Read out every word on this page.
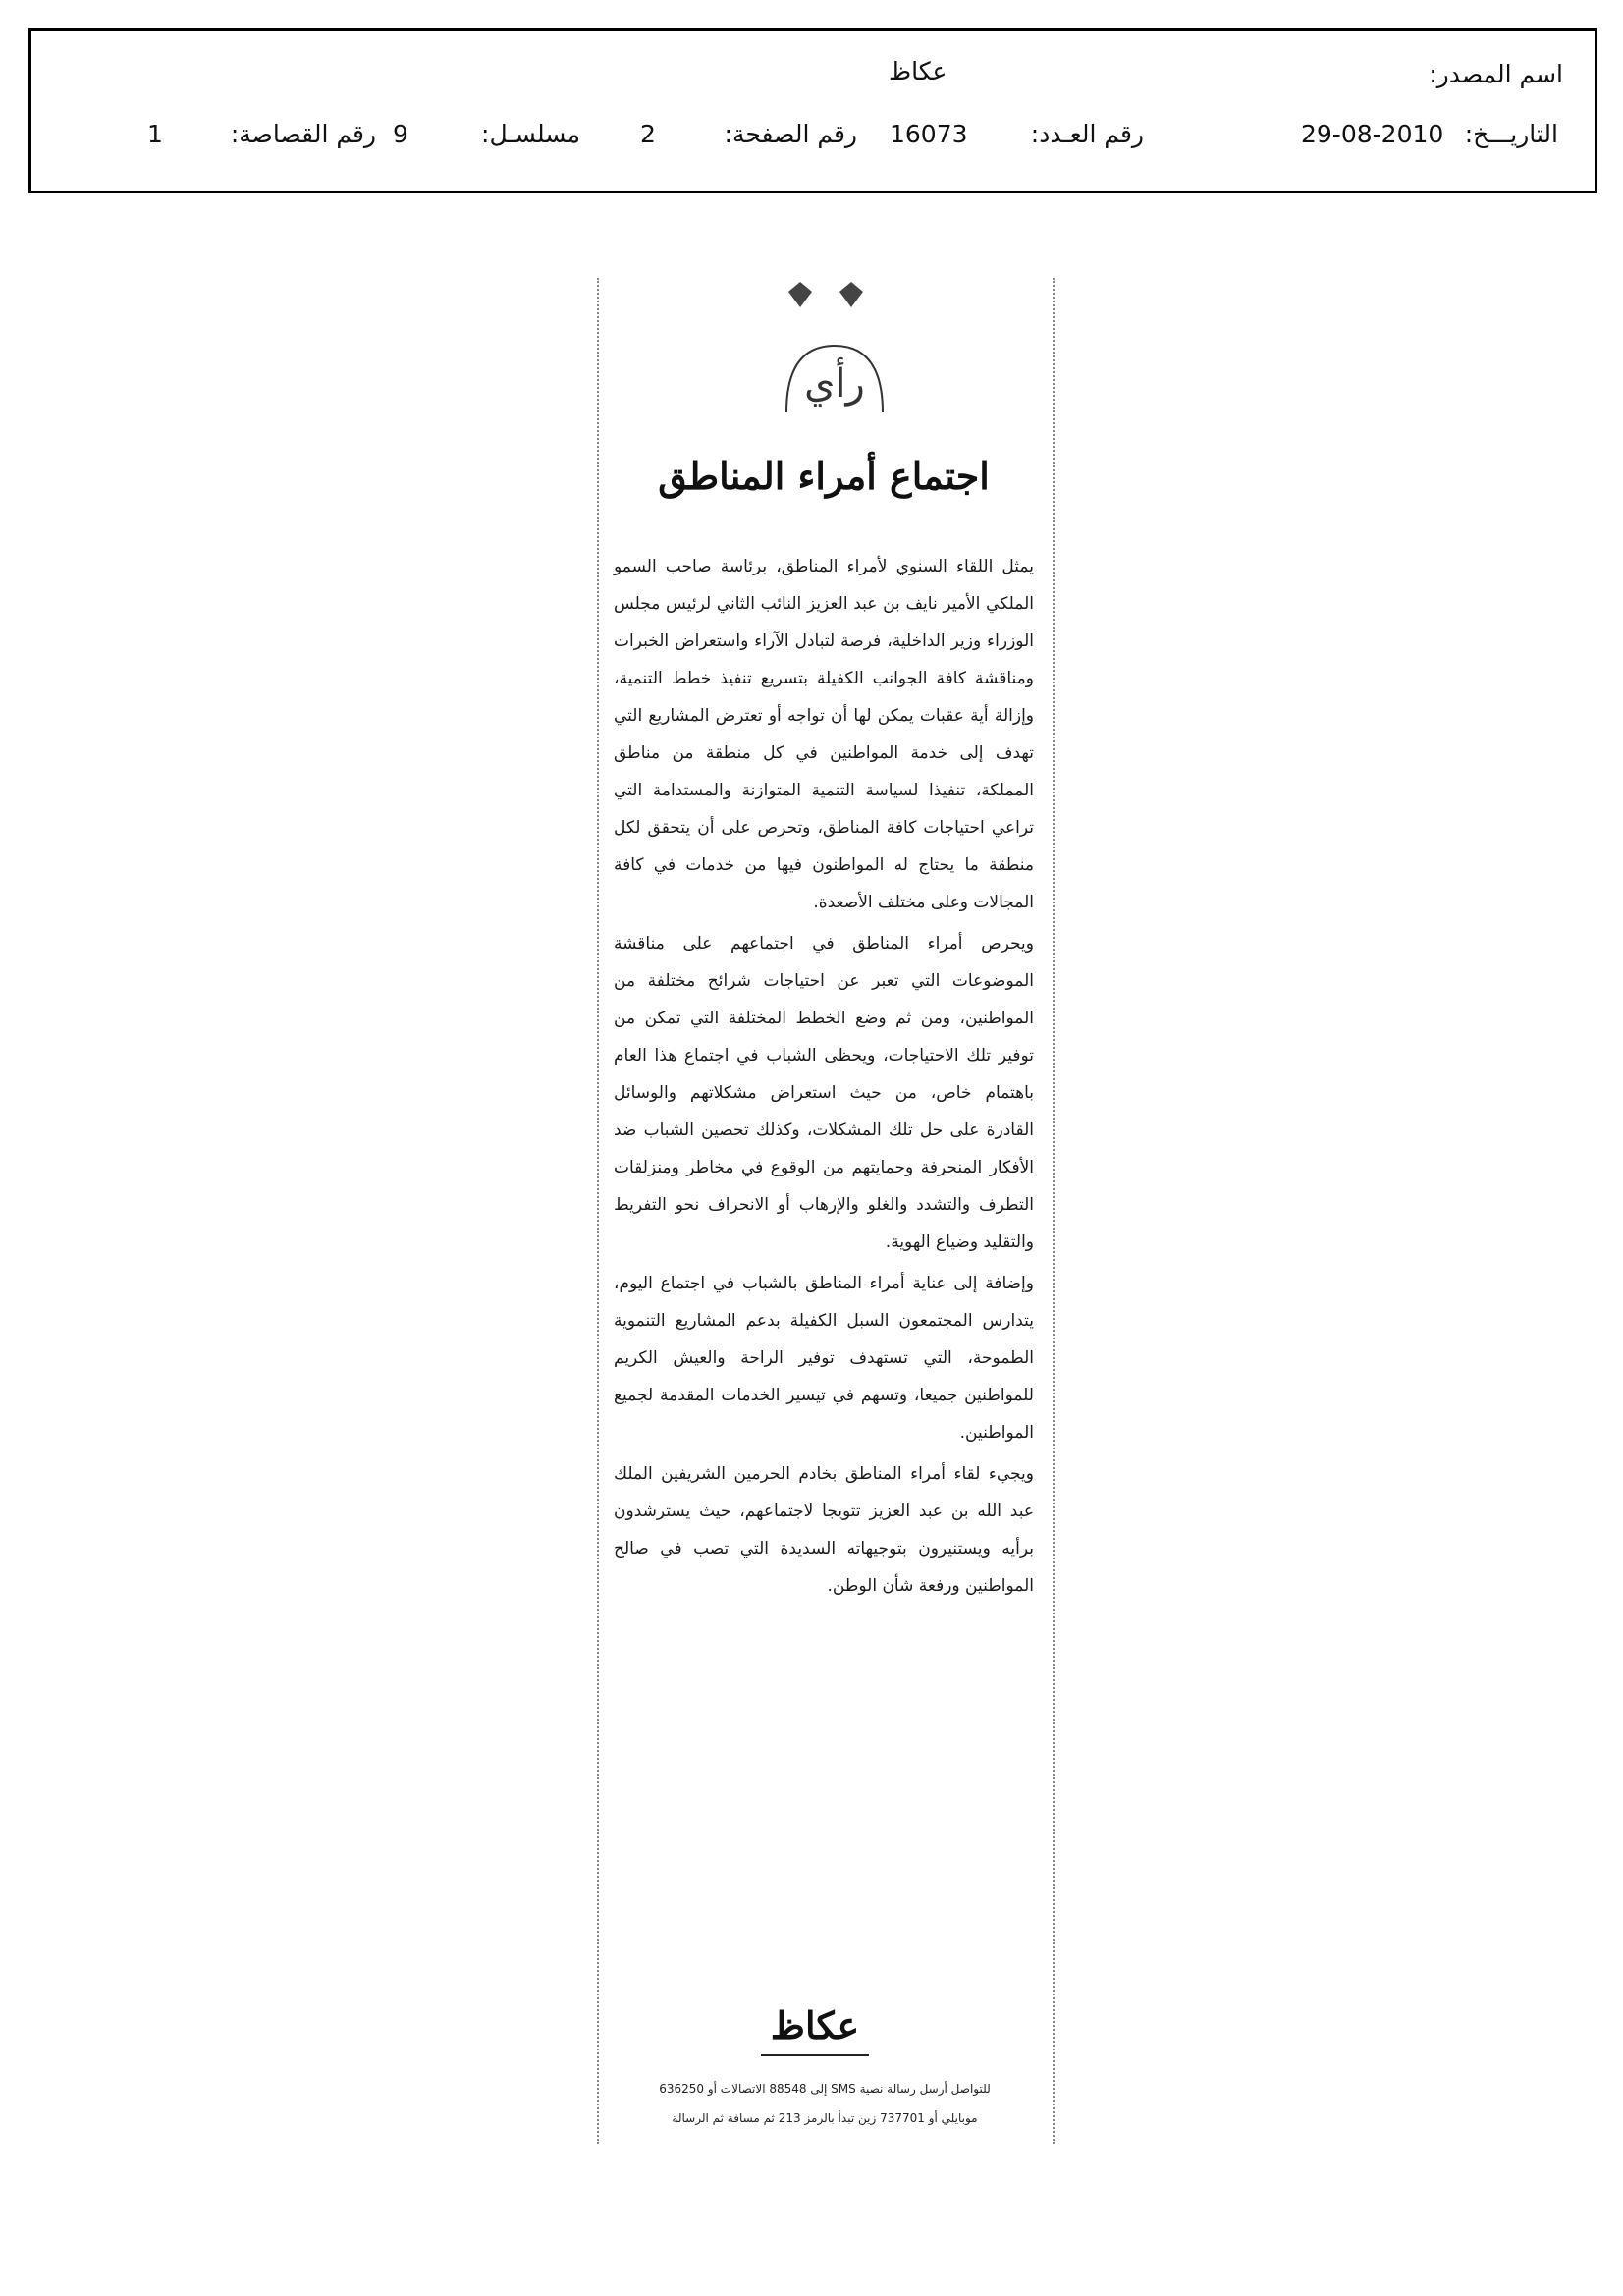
اسم المصدر:
عكاظ
التاريـــخ:
29-08-2010
رقم العـدد:
16073
رقم الصفحة:
2
مسلسـل:
9
رقم القصاصة:
1
رأي
اجتماع أمراء المناطق

يمثل اللقاء السنوي لأمراء المناطق، برئاسة صاحب السمو الملكي الأمير نايف بن عبد العزيز النائب الثاني لرئيس مجلس الوزراء وزير الداخلية، فرصة لتبادل الآراء واستعراض الخبرات ومناقشة كافة الجوانب الكفيلة بتسريع تنفيذ خطط التنمية، وإزالة أية عقبات يمكن لها أن تواجه أو تعترض المشاريع التي تهدف إلى خدمة المواطنين في كل منطقة من مناطق المملكة، تنفيذا لسياسة التنمية المتوازنة والمستدامة التي تراعي احتياجات كافة المناطق، وتحرص على أن يتحقق لكل منطقة ما يحتاج له المواطنون فيها من خدمات في كافة المجالات وعلى مختلف الأصعدة.

ويحرص أمراء المناطق في اجتماعهم على مناقشة الموضوعات التي تعبر عن احتياجات شرائح مختلفة من المواطنين، ومن ثم وضع الخطط المختلفة التي تمكن من توفير تلك الاحتياجات، ويحظى الشباب في اجتماع هذا العام باهتمام خاص، من حيث استعراض مشكلاتهم والوسائل القادرة على حل تلك المشكلات، وكذلك تحصين الشباب ضد الأفكار المنحرفة وحمايتهم من الوقوع في مخاطر ومنزلقات التطرف والتشدد والغلو والإرهاب أو الانحراف نحو التفريط والتقليد وضياع الهوية.

وإضافة إلى عناية أمراء المناطق بالشباب في اجتماع اليوم، يتدارس المجتمعون السبل الكفيلة بدعم المشاريع التنموية الطموحة، التي تستهدف توفير الراحة والعيش الكريم للمواطنين جميعا، وتسهم في تيسير الخدمات المقدمة لجميع المواطنين.

ويجيء لقاء أمراء المناطق بخادم الحرمين الشريفين الملك عبد الله بن عبد العزيز تتويجا لاجتماعهم، حيث يسترشدون برأيه ويستنيرون بتوجيهاته السديدة التي تصب في صالح المواطنين ورفعة شأن الوطن.

عكاظ
للتواصل أرسل رسالة نصية SMS إلى 88548 الاتصالات أو 636250
موبايلي أو 737701 زين تبدأ بالرمز 213 ثم مسافة ثم الرسالة
